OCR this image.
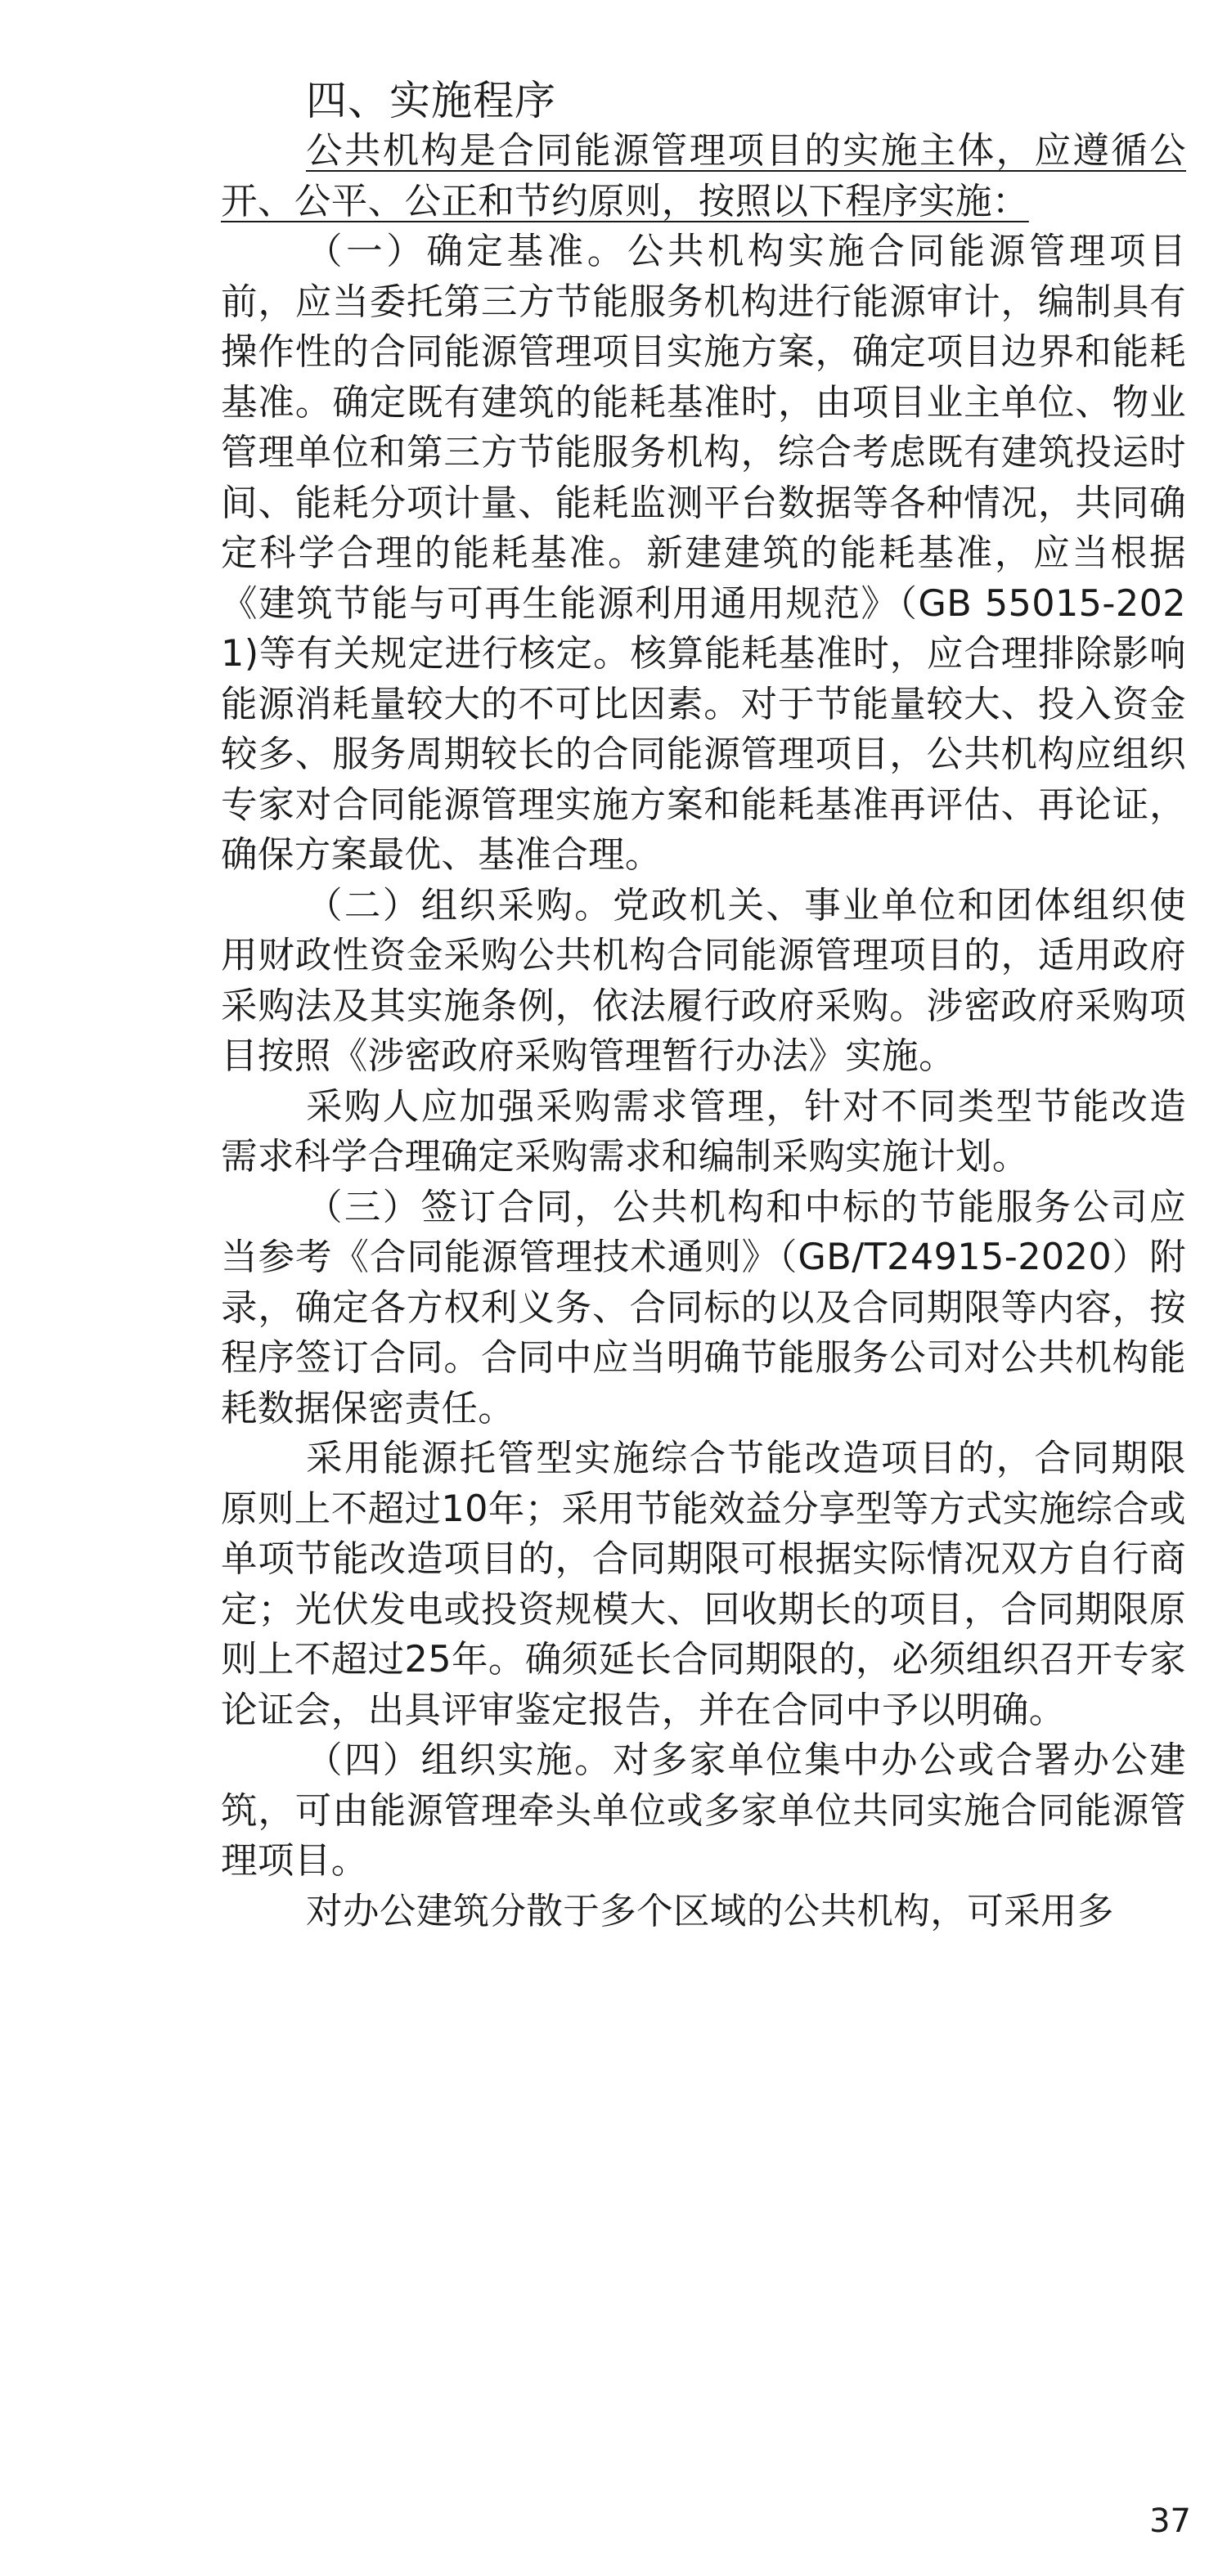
四、实施程序

公共机构是合同能源管理项目的实施主体，应遵循公开、公平、公正和节约原则，按照以下程序实施：

（一）确定基准。公共机构实施合同能源管理项目前，应当委托第三方节能服务机构进行能源审计，编制具有操作性的合同能源管理项目实施方案，确定项目边界和能耗基准。确定既有建筑的能耗基准时，由项目业主单位、物业管理单位和第三方节能服务机构，综合考虑既有建筑投运时间、能耗分项计量、能耗监测平台数据等各种情况，共同确定科学合理的能耗基准。新建建筑的能耗基准，应当根据《建筑节能与可再生能源利用通用规范》（GB 55015-2021)等有关规定进行核定。核算能耗基准时，应合理排除影响能源消耗量较大的不可比因素。对于节能量较大、投入资金较多、服务周期较长的合同能源管理项目，公共机构应组织专家对合同能源管理实施方案和能耗基准再评估、再论证，确保方案最优、基准合理。

（二）组织采购。党政机关、事业单位和团体组织使用财政性资金采购公共机构合同能源管理项目的，适用政府采购法及其实施条例，依法履行政府采购。涉密政府采购项目按照《涉密政府采购管理暂行办法》实施。

采购人应加强采购需求管理，针对不同类型节能改造需求科学合理确定采购需求和编制采购实施计划。

（三）签订合同，公共机构和中标的节能服务公司应当参考《合同能源管理技术通则》（GB/T24915-2020）附录，确定各方权利义务、合同标的以及合同期限等内容，按程序签订合同。合同中应当明确节能服务公司对公共机构能耗数据保密责任。

采用能源托管型实施综合节能改造项目的，合同期限原则上不超过10年；采用节能效益分享型等方式实施综合或单项节能改造项目的，合同期限可根据实际情况双方自行商定；光伏发电或投资规模大、回收期长的项目，合同期限原则上不超过25年。确须延长合同期限的，必须组织召开专家论证会，出具评审鉴定报告，并在合同中予以明确。

（四）组织实施。对多家单位集中办公或合署办公建筑，可由能源管理牵头单位或多家单位共同实施合同能源管理项目。

对办公建筑分散于多个区域的公共机构，可采用多

37
